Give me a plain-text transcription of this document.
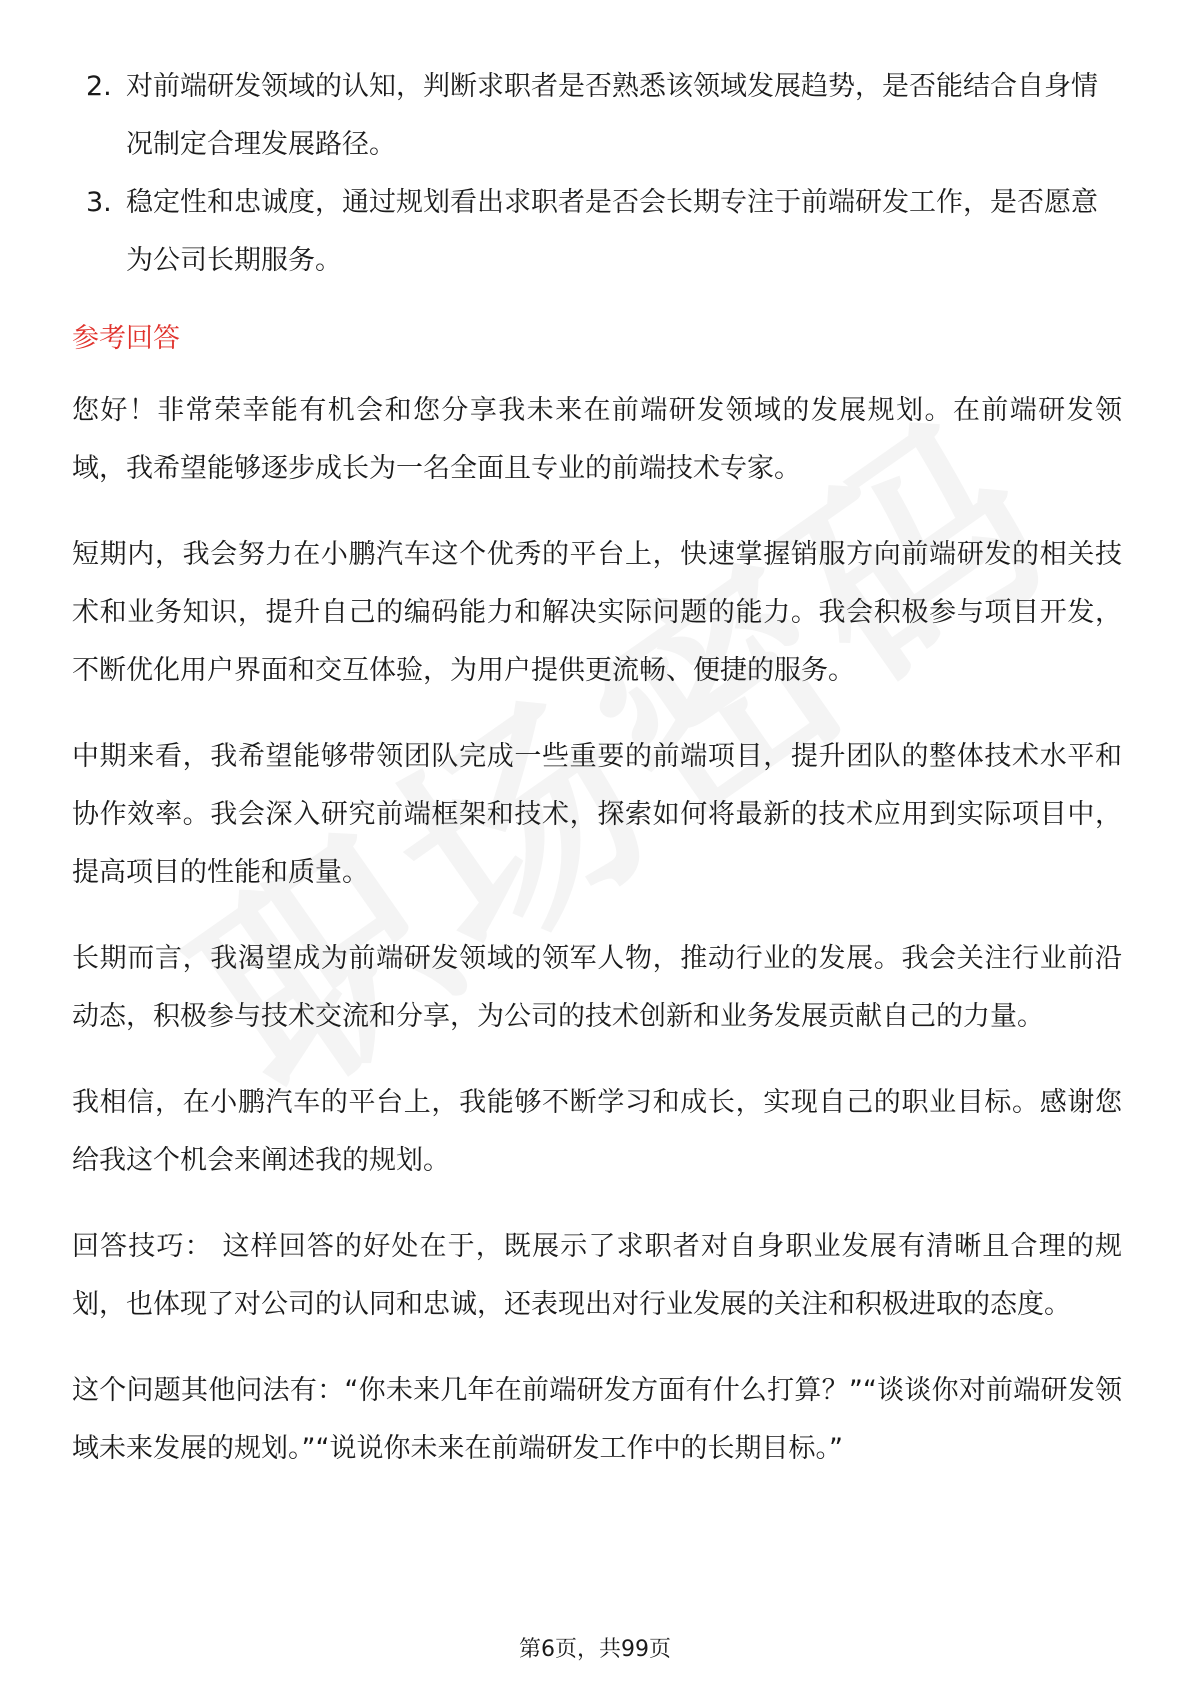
2. 对前端研发领域的认知，判断求职者是否熟悉该领域发展趋势，是否能结合自身情况制定合理发展路径。
3. 稳定性和忠诚度，通过规划看出求职者是否会长期专注于前端研发工作，是否愿意为公司长期服务。
参考回答

您好！非常荣幸能有机会和您分享我未来在前端研发领域的发展规划。在前端研发领域，我希望能够逐步成长为一名全面且专业的前端技术专家。

短期内，我会努力在小鹏汽车这个优秀的平台上，快速掌握销服方向前端研发的相关技术和业务知识，提升自己的编码能力和解决实际问题的能力。我会积极参与项目开发，不断优化用户界面和交互体验，为用户提供更流畅、便捷的服务。

中期来看，我希望能够带领团队完成一些重要的前端项目，提升团队的整体技术水平和协作效率。我会深入研究前端框架和技术，探索如何将最新的技术应用到实际项目中，提高项目的性能和质量。

长期而言，我渴望成为前端研发领域的领军人物，推动行业的发展。我会关注行业前沿动态，积极参与技术交流和分享，为公司的技术创新和业务发展贡献自己的力量。

我相信，在小鹏汽车的平台上，我能够不断学习和成长，实现自己的职业目标。感谢您给我这个机会来阐述我的规划。

回答技巧： 这样回答的好处在于，既展示了求职者对自身职业发展有清晰且合理的规划，也体现了对公司的认同和忠诚，还表现出对行业发展的关注和积极进取的态度。

这个问题其他问法有：“你未来几年在前端研发方面有什么打算？”“谈谈你对前端研发领域未来发展的规划。”“说说你未来在前端研发工作中的长期目标。”

第6页，共99页
